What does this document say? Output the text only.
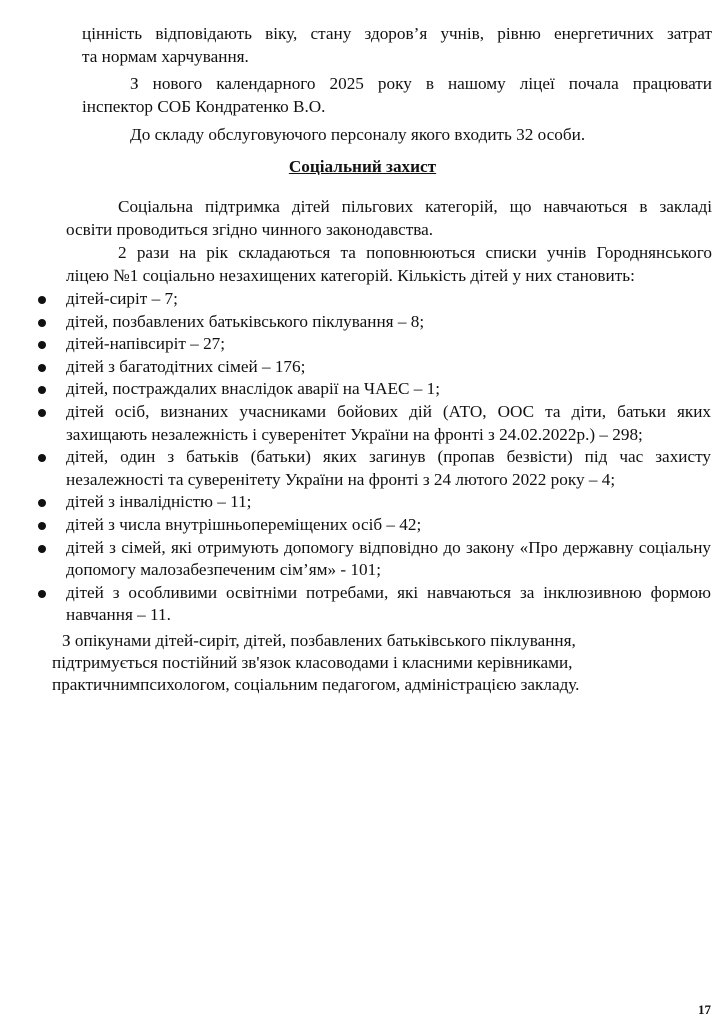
цінність відповідають віку, стану здоров’я учнів, рівню енергетичних затрат

та нормам харчування.

З нового календарного 2025 року в нашому ліцеї почала працювати

інспектор СОБ Кондратенко В.О.

До складу обслуговуючого персоналу якого входить 32 особи.

Соціальний захист

Соціальна підтримка дітей пільгових категорій, що навчаються в закладі

освіти проводиться згідно чинного законодавства.

2 рази на рік складаються та поповнюються списки учнів Городнянського

ліцею №1 соціально незахищених категорій. Кількість дітей у них становить:

дітей-сиріт – 7;
дітей, позбавлених батьківського піклування – 8;
дітей-напівсиріт – 27;
дітей з багатодітних сімей – 176;
дітей, постраждалих внаслідок аварії на ЧАЕС – 1;
дітей осіб, визнаних учасниками бойових дій (АТО, ООС та діти, батьки яких захищають незалежність і суверенітет України на фронті з 24.02.2022р.) – 298;
дітей, один з батьків (батьки) яких загинув (пропав безвісти) під час захисту незалежності та суверенітету України на фронті з 24 лютого 2022 року – 4;
дітей з інвалідністю – 11;
дітей з числа внутрішньопереміщених осіб – 42;
дітей з сімей, які отримують допомогу відповідно до закону «Про державну соціальну допомогу малозабезпеченим сім’ям» - 101;
дітей з особливими освітніми потребами, які навчаються за інклюзивною формою навчання – 11.

З опікунами дітей-сиріт, дітей, позбавлених батьківського піклування,

підтримується постійний зв'язок класоводами і класними керівниками,

практичнимпсихологом, соціальним педагогом, адміністрацією закладу.

17
